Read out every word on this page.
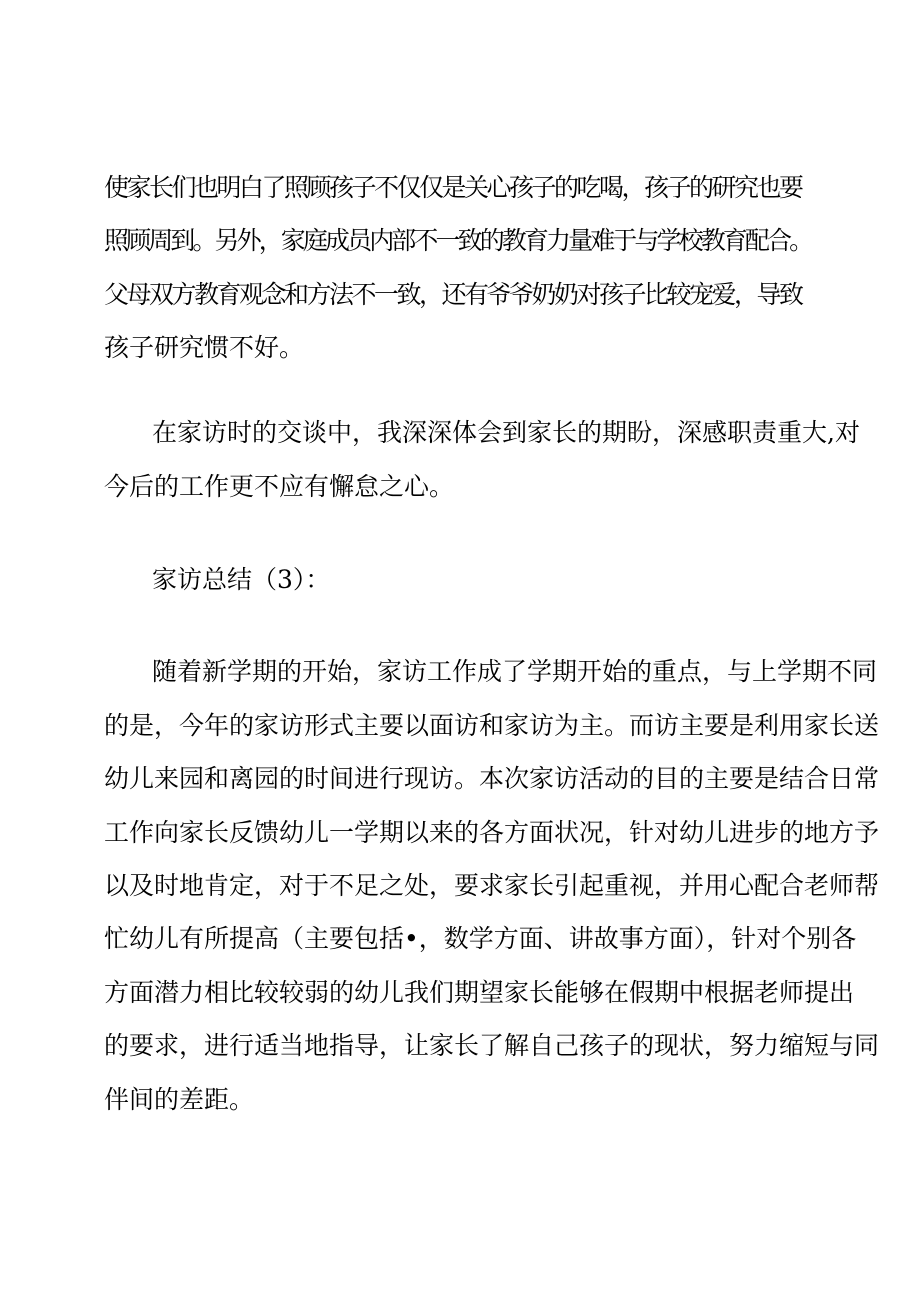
使家长们也明白了照顾孩子不仅仅是关心孩子的吃喝，孩子的研究也要
照顾周到。另外，家庭成员内部不一致的教育力量难于与学校教育配合。
父母双方教育观念和方法不一致，还有爷爷奶奶对孩子比较宠爱，导致
孩子研究惯不好。
在家访时的交谈中，我深深体会到家长的期盼，深感职责重大,对
今后的工作更不应有懈怠之心。
家访总结（3）：
随着新学期的开始，家访工作成了学期开始的重点，与上学期不同
的是，今年的家访形式主要以面访和家访为主。而访主要是利用家长送
幼儿来园和离园的时间进行现访。本次家访活动的目的主要是结合日常
工作向家长反馈幼儿一学期以来的各方面状况，针对幼儿进步的地方予
以及时地肯定，对于不足之处，要求家长引起重视，并用心配合老师帮
忙幼儿有所提高（主要包括•，数学方面、讲故事方面），针对个别各
方面潜力相比较较弱的幼儿我们期望家长能够在假期中根据老师提出
的要求，进行适当地指导，让家长了解自己孩子的现状，努力缩短与同
伴间的差距。
